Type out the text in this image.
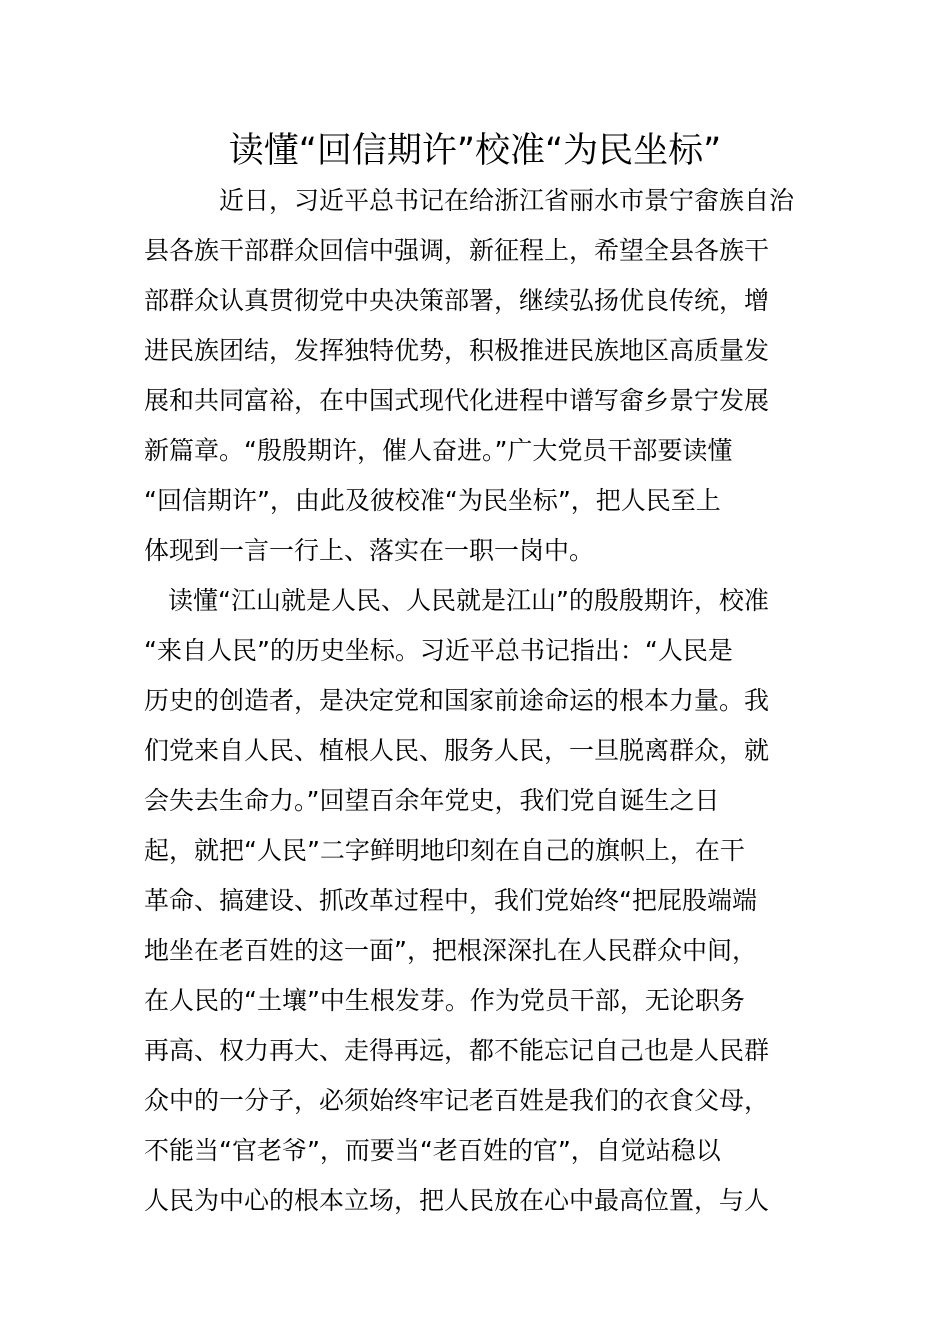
读懂“回信期许”校准“为民坐标”
近日，习近平总书记在给浙江省丽水市景宁畲族自治
县各族干部群众回信中强调，新征程上，希望全县各族干
部群众认真贯彻党中央决策部署，继续弘扬优良传统，增
进民族团结，发挥独特优势，积极推进民族地区高质量发
展和共同富裕，在中国式现代化进程中谱写畲乡景宁发展
新篇章。“殷殷期许，催人奋进。”广大党员干部要读懂
“回信期许”，由此及彼校准“为民坐标”，把人民至上
体现到一言一行上、落实在一职一岗中。
读懂“江山就是人民、人民就是江山”的殷殷期许，校准
“来自人民”的历史坐标。习近平总书记指出：“人民是
历史的创造者，是决定党和国家前途命运的根本力量。我
们党来自人民、植根人民、服务人民，一旦脱离群众，就
会失去生命力。”回望百余年党史，我们党自诞生之日
起，就把“人民”二字鲜明地印刻在自己的旗帜上，在干
革命、搞建设、抓改革过程中，我们党始终“把屁股端端
地坐在老百姓的这一面”，把根深深扎在人民群众中间，
在人民的“土壤”中生根发芽。作为党员干部，无论职务
再高、权力再大、走得再远，都不能忘记自己也是人民群
众中的一分子，必须始终牢记老百姓是我们的衣食父母，
不能当“官老爷”，而要当“老百姓的官”，自觉站稳以
人民为中心的根本立场，把人民放在心中最高位置，与人
